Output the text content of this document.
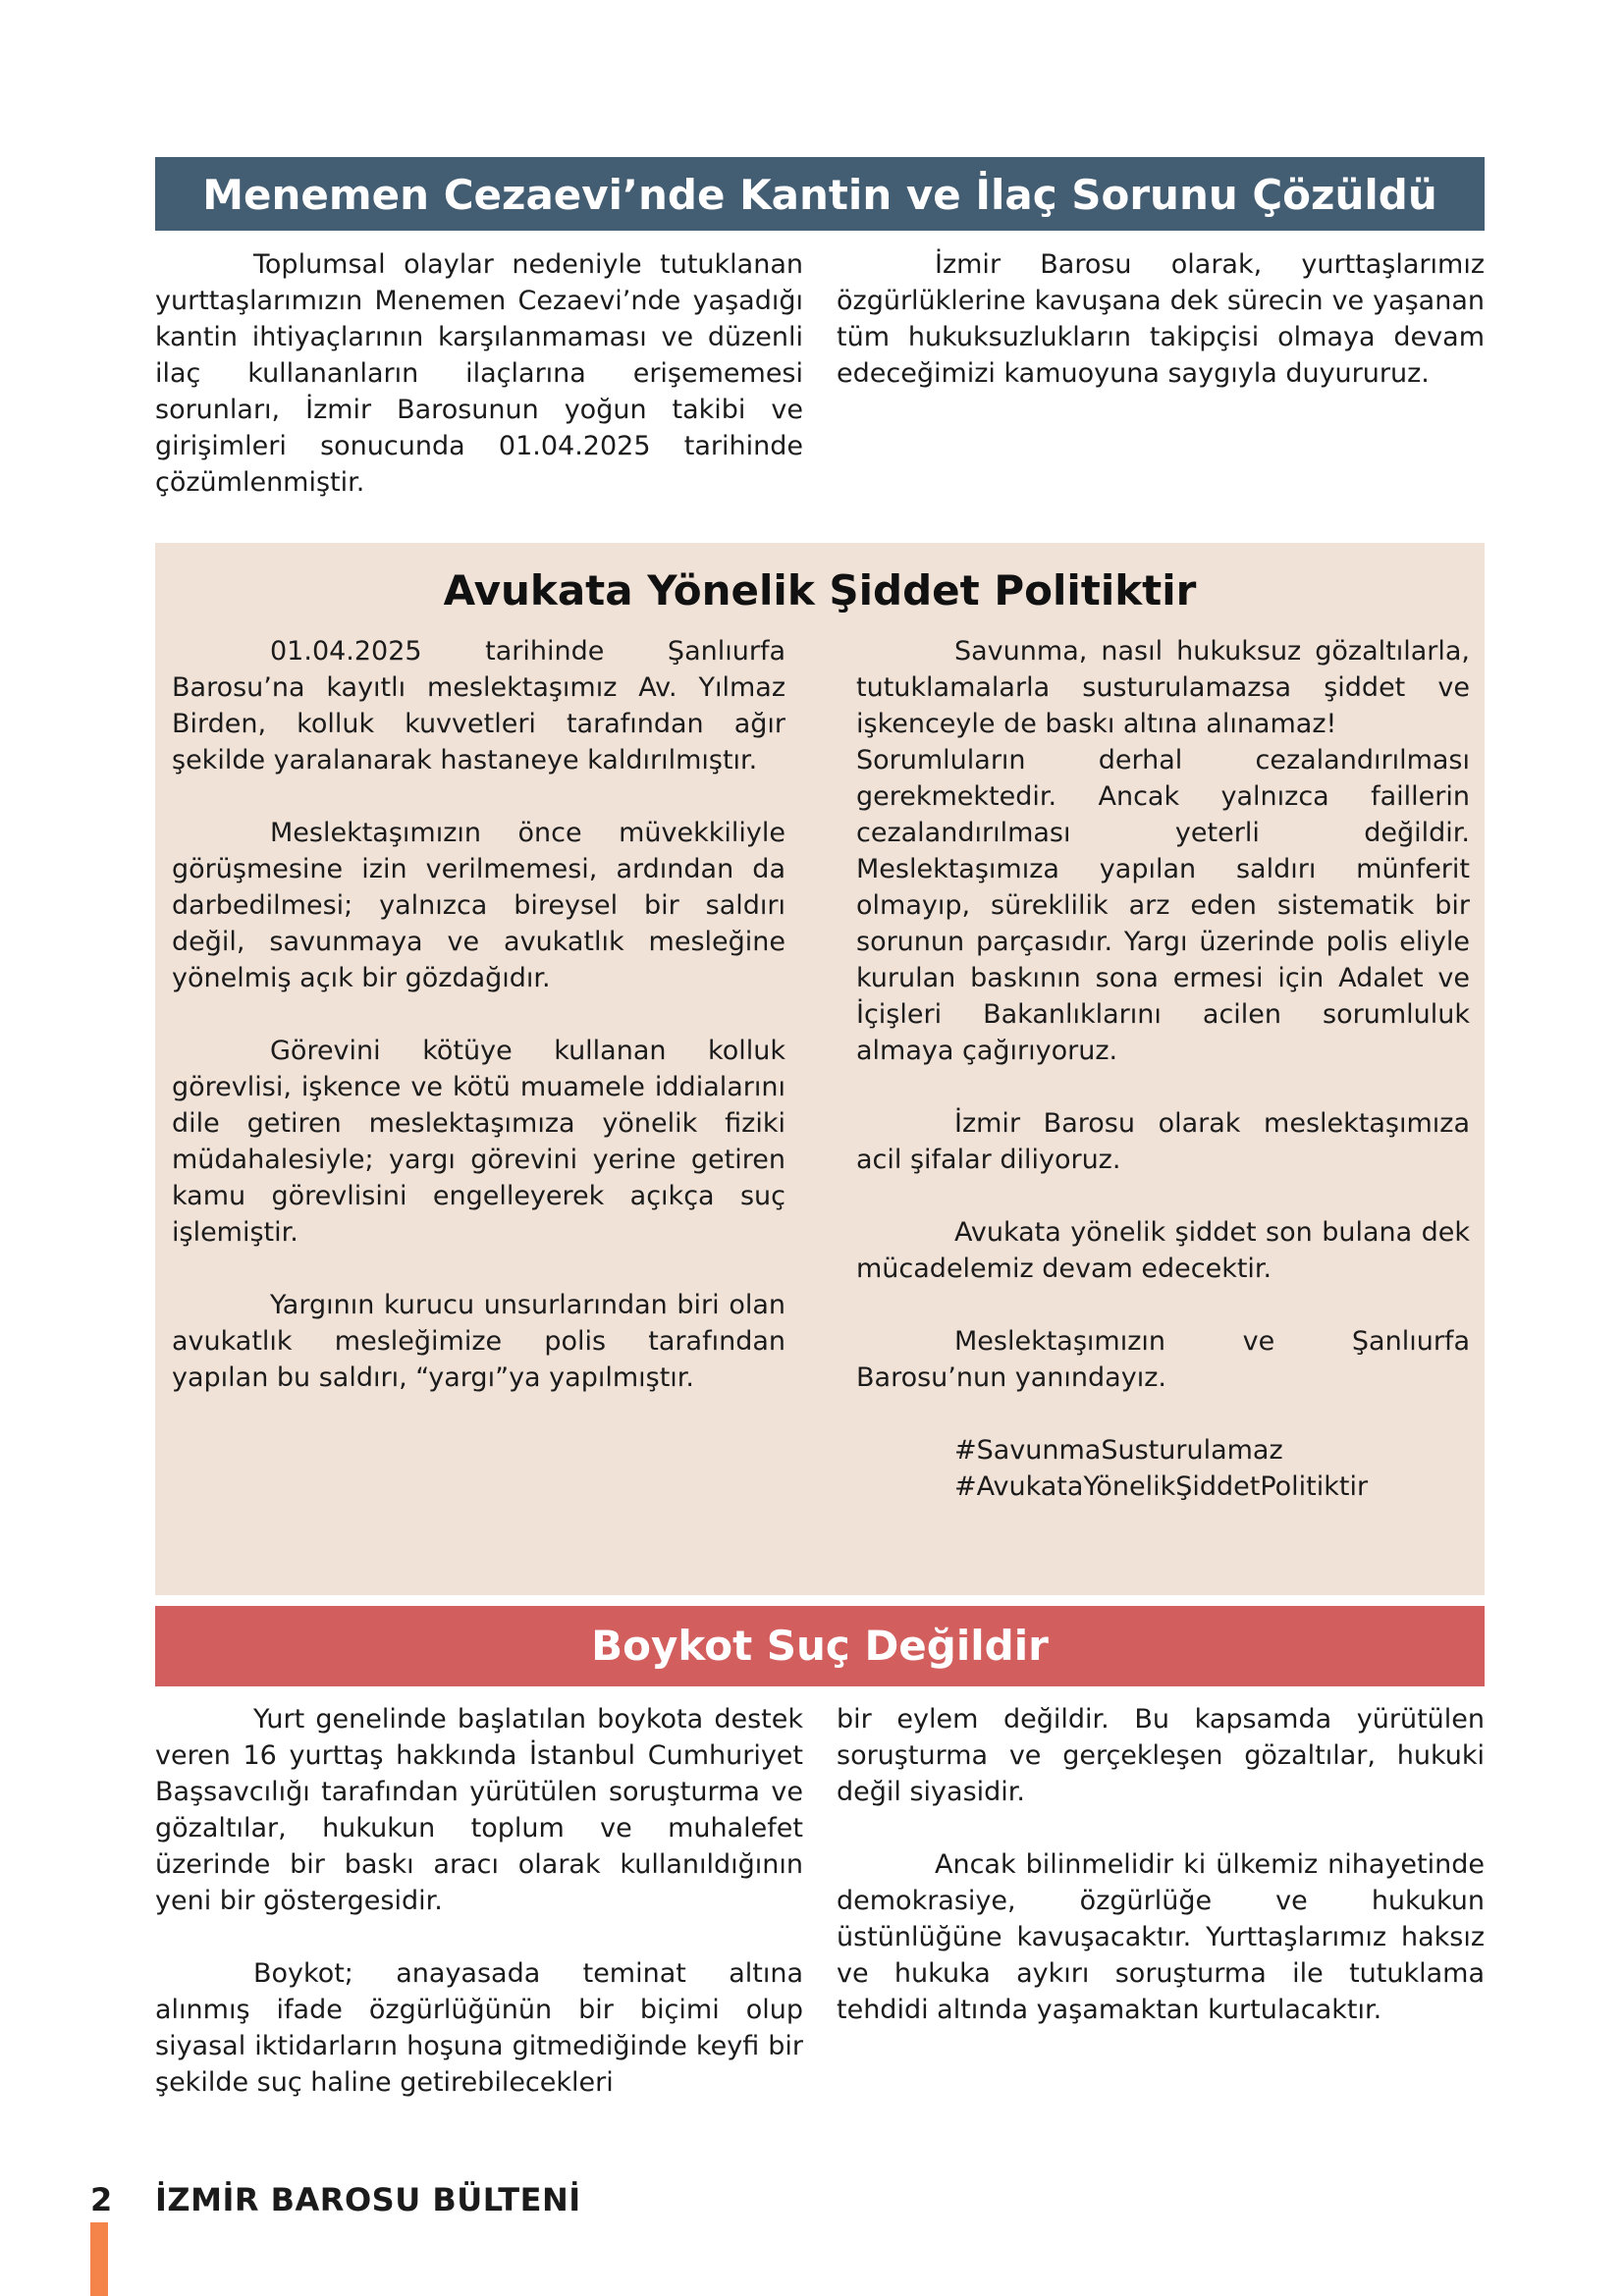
Menemen Cezaevi’nde Kantin ve İlaç Sorunu Çözüldü

Toplumsal olaylar nedeniyle tutuklanan yurttaşlarımızın Menemen Cezaevi’nde yaşadığı kantin ihtiyaçlarının karşılanmaması ve düzenli ilaç kullananların ilaçlarına erişememesi sorunları, İzmir Barosunun yoğun takibi ve girişimleri sonucunda 01.04.2025 tarihinde çözümlenmiştir.

İzmir Barosu olarak, yurttaşlarımız özgürlüklerine kavuşana dek sürecin ve yaşanan tüm hukuksuzlukların takipçisi olmaya devam edeceğimizi kamuoyuna saygıyla duyururuz.

Avukata Yönelik Şiddet Politiktir

01.04.2025 tarihinde Şanlıurfa Barosu’na kayıtlı meslektaşımız Av. Yılmaz Birden, kolluk kuvvetleri tarafından ağır şekilde yaralanarak hastaneye kaldırılmıştır.

Meslektaşımızın önce müvekkiliyle görüşmesine izin verilmemesi, ardından da darbedilmesi; yalnızca bireysel bir saldırı değil, savunmaya ve avukatlık mesleğine yönelmiş açık bir gözdağıdır.

Görevini kötüye kullanan kolluk görevlisi, işkence ve kötü muamele iddialarını dile getiren meslektaşımıza yönelik fiziki müdahalesiyle; yargı görevini yerine getiren kamu görevlisini engelleyerek açıkça suç işlemiştir.

Yargının kurucu unsurlarından biri olan avukatlık mesleğimize polis tarafından yapılan bu saldırı, “yargı”ya yapılmıştır.

Savunma, nasıl hukuksuz gözaltılarla, tutuklamalarla susturulamazsa şiddet ve işkenceyle de baskı altına alınamaz!

Sorumluların derhal cezalandırılması gerekmektedir. Ancak yalnızca faillerin cezalandırılması yeterli değildir. Meslektaşımıza yapılan saldırı münferit olmayıp, süreklilik arz eden sistematik bir sorunun parçasıdır. Yargı üzerinde polis eliyle kurulan baskının sona ermesi için Adalet ve İçişleri Bakanlıklarını acilen sorumluluk almaya çağırıyoruz.

İzmir Barosu olarak meslektaşımıza acil şifalar diliyoruz.

Avukata yönelik şiddet son bulana dek mücadelemiz devam edecektir.

Meslektaşımızın ve Şanlıurfa Barosu’nun yanındayız.

#SavunmaSusturulamaz

#AvukataYönelikŞiddetPolitiktir

Boykot Suç Değildir

Yurt genelinde başlatılan boykota destek veren 16 yurttaş hakkında İstanbul Cumhuriyet Başsavcılığı tarafından yürütülen soruşturma ve gözaltılar, hukukun toplum ve muhalefet üzerinde bir baskı aracı olarak kullanıldığının yeni bir göstergesidir.

Boykot; anayasada teminat altına alınmış ifade özgürlüğünün bir biçimi olup siyasal iktidarların hoşuna gitmediğinde keyfi bir şekilde suç haline getirebilecekleri

bir eylem değildir. Bu kapsamda yürütülen soruşturma ve gerçekleşen gözaltılar, hukuki değil siyasidir.

Ancak bilinmelidir ki ülkemiz nihayetinde demokrasiye, özgürlüğe ve hukukun üstünlüğüne kavuşacaktır. Yurttaşlarımız haksız ve hukuka aykırı soruşturma ile tutuklama tehdidi altında yaşamaktan kurtulacaktır.

2 İZMİR BAROSU BÜLTENİ
